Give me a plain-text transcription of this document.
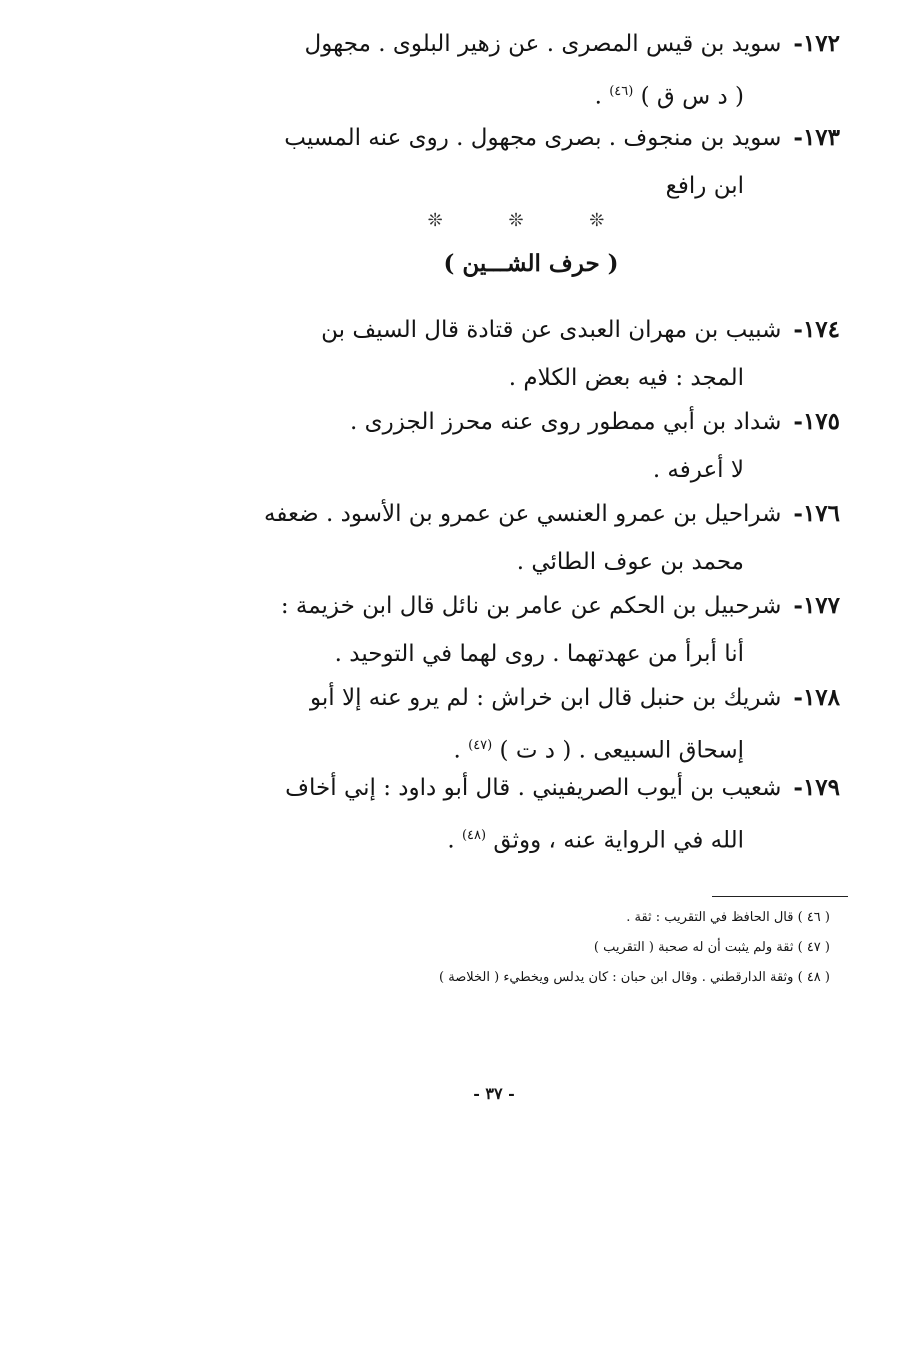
١٧٢-سويد بن قيس المصرى . عن زهير البلوى . مجهول
( د س ق ) $^{(٤٦)}$ .
١٧٣-سويد بن منجوف . بصرى مجهول . روى عنه المسيب
ابن رافع
❊ ❊ ❊
( حرف الشـــين )
١٧٤-شبيب بن مهران العبدى عن قتادة قال السيف بن
المجد : فيه بعض الكلام .
١٧٥-شداد بن أبي ممطور روى عنه محرز الجزرى .
لا أعرفه .
١٧٦-شراحيل بن عمرو العنسي عن عمرو بن الأسود . ضعفه
محمد بن عوف الطائي .
١٧٧-شرحبيل بن الحكم عن عامر بن نائل قال ابن خزيمة :
أنا أبرأ من عهدتهما . روى لهما في التوحيد .
١٧٨-شريك بن حنبل قال ابن خراش : لم يرو عنه إلا أبو
إسحاق السبيعى . ( د ت ) $^{(٤٧)}$ .
١٧٩-شعيب بن أيوب الصريفيني . قال أبو داود : إني أخاف
الله في الرواية عنه ، ووثق $^{(٤٨)}$ .
( ٤٦ ) قال الحافظ في التقريب : ثقة .
( ٤٧ ) ثقة ولم يثبت أن له صحبة ( التقريب )
( ٤٨ ) وثقة الدارقطني . وقال ابن حبان : كان يدلس ويخطيء ( الخلاصة )
- ٣٧ -
